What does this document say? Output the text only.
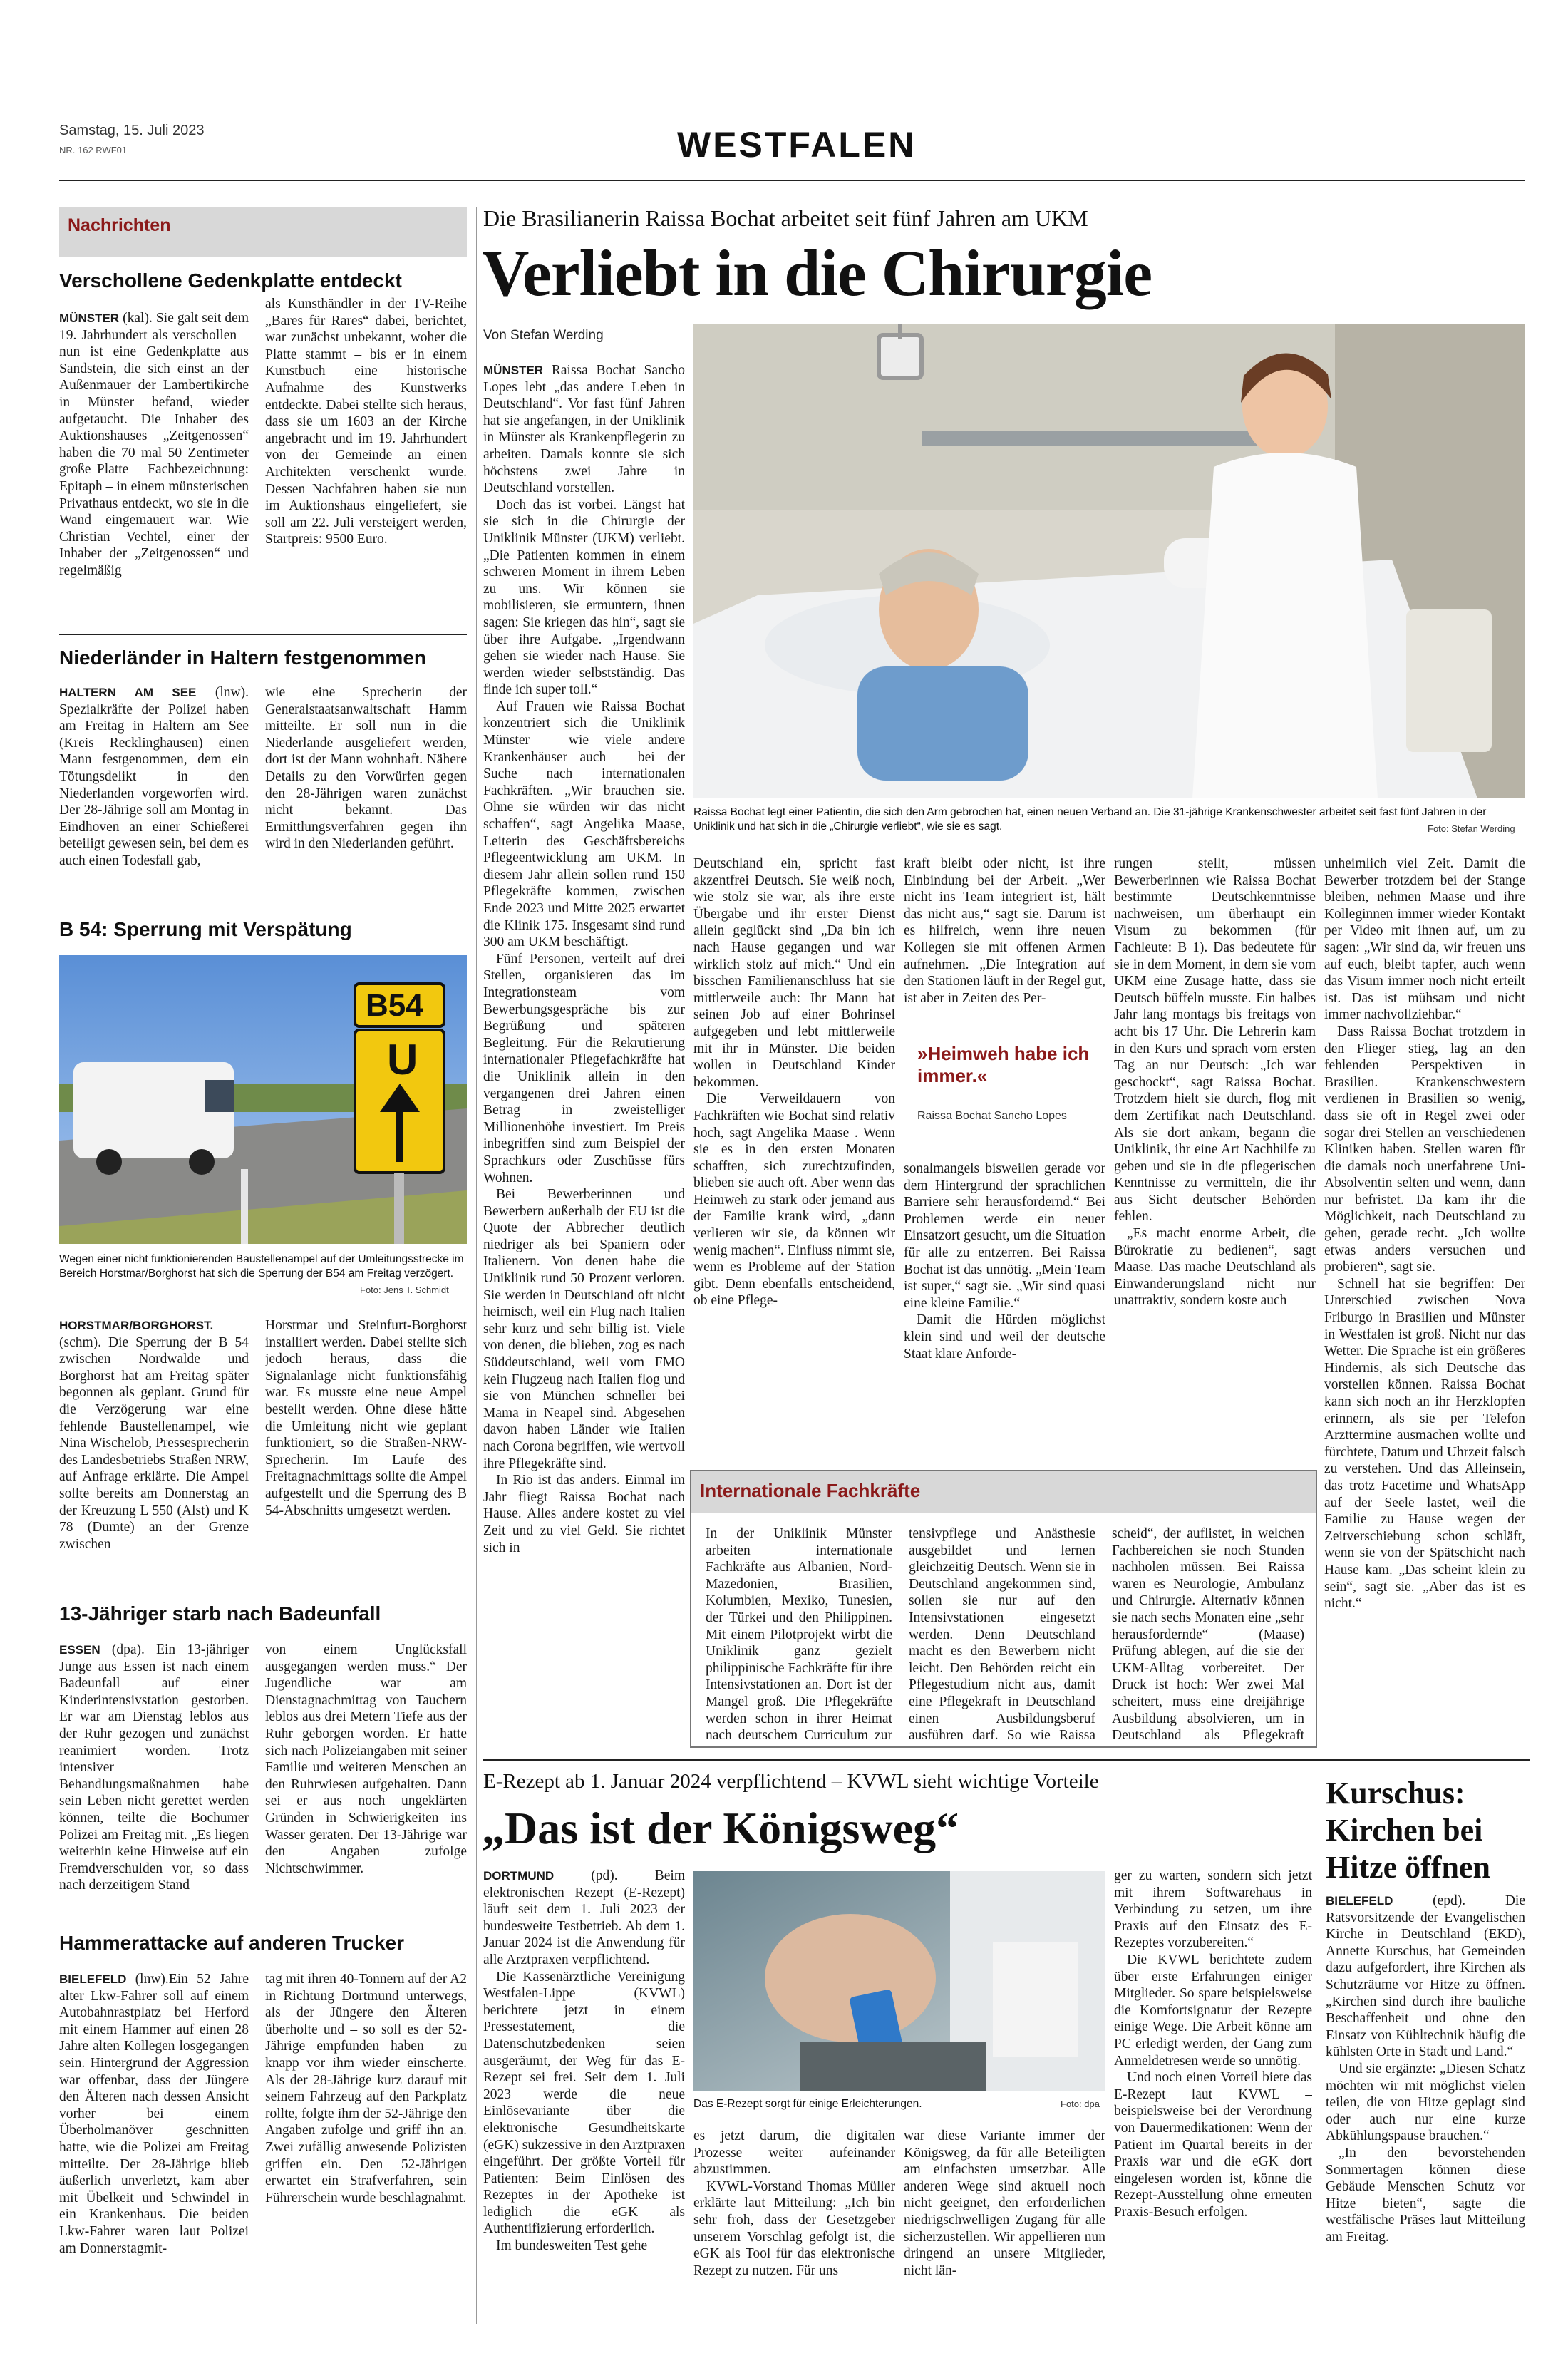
Samstag, 15. Juli 2023
NR. 162 RWF01	WESTFALEN
Nachrichten
Verschollene Gedenkplatte entdeckt

MÜNSTER (kal). Sie galt seit dem 19. Jahrhundert als verschollen – nun ist eine Gedenkplatte aus Sandstein, die sich einst an der Außenmauer der Lambertikirche in Münster befand, wieder aufgetaucht. Die Inhaber des Auktionshauses „Zeitgenossen“ haben die 70 mal 50 Zentimeter große Platte – Fachbezeichnung: Epitaph – in einem münsterischen Privathaus entdeckt, wo sie in die Wand eingemauert war. Wie Christian Vechtel, einer der Inhaber der „Zeitgenossen“ und regelmäßig

als Kunsthändler in der TV-Reihe „Bares für Rares“ dabei, berichtet, war zunächst unbekannt, woher die Platte stammt – bis er in einem Kunstbuch eine historische Aufnahme des Kunstwerks entdeckte. Dabei stellte sich heraus, dass sie um 1603 an der Kirche angebracht und im 19. Jahrhundert von der Gemeinde an einen Architekten verschenkt wurde. Dessen Nachfahren haben sie nun im Auktionshaus eingeliefert, sie soll am 22. Juli versteigert werden, Startpreis: 9500 Euro.
Niederländer in Haltern festgenommen

HALTERN AM SEE (lnw). Spezialkräfte der Polizei haben am Freitag in Haltern am See (Kreis Recklinghausen) einen Mann festgenommen, dem ein Tötungsdelikt in den Niederlanden vorgeworfen wird. Der 28-Jährige soll am Montag in Eindhoven an einer Schießerei beteiligt gewesen sein, bei dem es auch einen Todesfall gab,

wie eine Sprecherin der Generalstaatsanwaltschaft Hamm mitteilte. Er soll nun in die Niederlande ausgeliefert werden, dort ist der Mann wohnhaft. Nähere Details zu den Vorwürfen gegen den 28-Jährigen waren zunächst nicht bekannt. Das Ermittlungsverfahren gegen ihn wird in den Niederlanden geführt.
B 54: Sperrung mit Verspätung
B54
U
Wegen einer nicht funktionierenden Baustellenampel auf der Umleitungsstrecke im Bereich Horstmar/Borghorst hat sich die Sperrung der B54 am Freitag verzögert.
Foto: Jens T. Schmidt

HORSTMAR/BORGHORST. (schm). Die Sperrung der B 54 zwischen Nordwalde und Borghorst hat am Freitag später begonnen als geplant. Grund für die Verzögerung war eine fehlende Baustellenampel, wie Nina Wischelob, Pressesprecherin des Landesbetriebs Straßen NRW, auf Anfrage erklärte. Die Ampel sollte bereits am Donnerstag an der Kreuzung L 550 (Alst) und K 78 (Dumte) an der Grenze zwischen

Horstmar und Steinfurt-Borghorst installiert werden. Dabei stellte sich jedoch heraus, dass die Signalanlage nicht funktionsfähig war. Es musste eine neue Ampel bestellt werden. Ohne diese hätte die Umleitung nicht wie geplant funktioniert, so die Straßen-NRW-Sprecherin. Im Laufe des Freitagnachmittags sollte die Ampel aufgestellt und die Sperrung des B 54-Abschnitts umgesetzt werden.
13-Jähriger starb nach Badeunfall

ESSEN (dpa). Ein 13-jähriger Junge aus Essen ist nach einem Badeunfall auf einer Kinderintensivstation gestorben. Er war am Dienstag leblos aus der Ruhr gezogen und zunächst reanimiert worden. Trotz intensiver Behandlungsmaßnahmen habe sein Leben nicht gerettet werden können, teilte die Bochumer Polizei am Freitag mit. „Es liegen weiterhin keine Hinweise auf ein Fremdverschulden vor, so dass nach derzeitigem Stand

von einem Unglücksfall ausgegangen werden muss.“ Der Jugendliche war am Dienstagnachmittag von Tauchern leblos aus drei Metern Tiefe aus der Ruhr geborgen worden. Er hatte sich nach Polizeiangaben mit seiner Familie und weiteren Menschen an den Ruhrwiesen aufgehalten. Dann sei er aus noch ungeklärten Gründen in Schwierigkeiten ins Wasser geraten. Der 13-Jährige war den Angaben zufolge Nichtschwimmer.
Hammerattacke auf anderen Trucker

BIELEFELD (lnw).Ein 52 Jahre alter Lkw-Fahrer soll auf einem Autobahnrastplatz bei Herford mit einem Hammer auf einen 28 Jahre alten Kollegen losgegangen sein. Hintergrund der Aggression war offenbar, dass der Jüngere den Älteren nach dessen Ansicht vorher bei einem Überholmanöver geschnitten hatte, wie die Polizei am Freitag mitteilte. Der 28-Jährige blieb äußerlich unverletzt, kam aber mit Übelkeit und Schwindel in ein Krankenhaus. Die beiden Lkw-Fahrer waren laut Polizei am Donnerstagmit-

tag mit ihren 40-Tonnern auf der A2 in Richtung Dortmund unterwegs, als der Jüngere den Älteren überholte und – so soll es der 52-Jährige empfunden haben – zu knapp vor ihm wieder einscherte. Als der 28-Jährige kurz darauf mit seinem Fahrzeug auf den Parkplatz rollte, folgte ihm der 52-Jährige den Angaben zufolge und griff ihn an. Zwei zufällig anwesende Polizisten griffen ein. Den 52-Jährigen erwartet ein Strafverfahren, sein Führerschein wurde beschlagnahmt.
Die Brasilianerin Raissa Bochat arbeitet seit fünf Jahren am UKM
Verliebt in die Chirurgie
Von Stefan Werding

MÜNSTER Raissa Bochat Sancho Lopes lebt „das andere Leben in Deutschland“. Vor fast fünf Jahren hat sie angefangen, in der Uniklinik in Münster als Krankenpflegerin zu arbeiten. Damals konnte sie sich höchstens zwei Jahre in Deutschland vorstellen.

Doch das ist vorbei. Längst hat sie sich in die Chirurgie der Uniklinik Münster (UKM) verliebt. „Die Patienten kommen in einem schweren Moment in ihrem Leben zu uns. Wir können sie mobilisieren, sie ermuntern, ihnen sagen: Sie kriegen das hin“, sagt sie über ihre Aufgabe. „Irgendwann gehen sie wieder nach Hause. Sie werden wieder selbstständig. Das finde ich super toll.“

Auf Frauen wie Raissa Bochat konzentriert sich die Uniklinik Münster – wie viele andere Krankenhäuser auch – bei der Suche nach internationalen Fachkräften. „Wir brauchen sie. Ohne sie würden wir das nicht schaffen“, sagt Angelika Maase, Leiterin des Geschäftsbereichs Pflegeentwicklung am UKM. In diesem Jahr allein sollen rund 150 Pflegekräfte kommen, zwischen Ende 2023 und Mitte 2025 erwartet die Klinik 175. Insgesamt sind rund 300 am UKM beschäftigt.

Fünf Personen, verteilt auf drei Stellen, organisieren das im Integrationsteam vom Bewerbungsgespräche bis zur Begrüßung und späteren Begleitung. Für die Rekrutierung internationaler Pflegefachkräfte hat die Uniklinik allein in den vergangenen drei Jahren einen Betrag in zweistelliger Millionenhöhe investiert. Im Preis inbegriffen sind zum Beispiel der Sprachkurs oder Zuschüsse fürs Wohnen.

Bei Bewerberinnen und Bewerbern außerhalb der EU ist die Quote der Abbrecher deutlich niedriger als bei Spaniern oder Italienern. Von denen habe die Uniklinik rund 50 Prozent verloren. Sie werden in Deutschland oft nicht heimisch, weil ein Flug nach Italien sehr kurz und sehr billig ist. Viele von denen, die blieben, zog es nach Süddeutschland, weil vom FMO kein Flugzeug nach Italien flog und sie von München schneller bei Mama in Neapel sind. Abgesehen davon haben Länder wie Italien nach Corona begriffen, wie wertvoll ihre Pflegekräfte sind.

In Rio ist das anders. Einmal im Jahr fliegt Raissa Bochat nach Hause. Alles andere kostet zu viel Zeit und zu viel Geld. Sie richtet sich in

Raissa Bochat legt einer Patientin, die sich den Arm gebrochen hat, einen neuen Verband an. Die 31-jährige Krankenschwester arbeitet seit fast fünf Jahren in der Uniklinik und hat sich in die „Chirurgie verliebt“, wie sie es sagt.	Foto: Stefan Werding

Deutschland ein, spricht fast akzentfrei Deutsch. Sie weiß noch, wie stolz sie war, als ihre erste Übergabe und ihr erster Dienst allein geglückt sind „Da bin ich nach Hause gegangen und war wirklich stolz auf mich.“ Und ein bisschen Familienanschluss hat sie mittlerweile auch: Ihr Mann hat seinen Job auf einer Bohrinsel aufgegeben und lebt mittlerweile mit ihr in Münster. Die beiden wollen in Deutschland Kinder bekommen.

Die Verweildauern von Fachkräften wie Bochat sind relativ hoch, sagt Angelika Maase . Wenn sie es in den ersten Monaten schafften, sich zurechtzufinden, blieben sie auch oft. Aber wenn das Heimweh zu stark oder jemand aus der Familie krank wird, „dann verlieren wir sie, da können wir wenig machen“. Einfluss nimmt sie, wenn es Probleme auf der Station gibt. Denn ebenfalls entscheidend, ob eine Pflege-

kraft bleibt oder nicht, ist ihre Einbindung bei der Arbeit. „Wer nicht ins Team integriert ist, hält das nicht aus,“ sagt sie. Darum ist es hilfreich, wenn ihre neuen Kollegen sie mit offenen Armen aufnehmen. „Die Integration auf den Stationen läuft in der Regel gut, ist aber in Zeiten des Per-

»Heimweh habe ich immer.«
Raissa Bochat Sancho Lopes

sonalmangels bisweilen gerade vor dem Hintergrund der sprachlichen Barriere sehr herausfordernd.“ Bei Problemen werde ein neuer Einsatzort gesucht, um die Situation für alle zu entzerren. Bei Raissa Bochat ist das unnötig. „Mein Team ist super,“ sagt sie. „Wir sind quasi eine kleine Familie.“

Damit die Hürden möglichst klein sind und weil der deutsche Staat klare Anforde-

rungen stellt, müssen Bewerberinnen wie Raissa Bochat bestimmte Deutschkenntnisse nachweisen, um überhaupt ein Visum zu bekommen (für Fachleute: B 1). Das bedeutete für sie in dem Moment, in dem sie vom UKM eine Zusage hatte, dass sie Deutsch büffeln musste. Ein halbes Jahr lang montags bis freitags von acht bis 17 Uhr. Die Lehrerin kam in den Kurs und sprach vom ersten Tag an nur Deutsch: „Ich war geschockt“, sagt Raissa Bochat. Trotzdem hielt sie durch, flog mit dem Zertifikat nach Deutschland. Als sie dort ankam, begann die Uniklinik, ihr eine Art Nachhilfe zu geben und sie in die pflegerischen Kenntnisse zu vermitteln, die ihr aus Sicht deutscher Behörden fehlen.

„Es macht enorme Arbeit, die Bürokratie zu bedienen“, sagt Maase. Das mache Deutschland als Einwanderungsland nicht nur unattraktiv, sondern koste auch

unheimlich viel Zeit. Damit die Bewerber trotzdem bei der Stange bleiben, nehmen Maase und ihre Kolleginnen immer wieder Kontakt per Video mit ihnen auf, um zu sagen: „Wir sind da, wir freuen uns auf euch, bleibt tapfer, auch wenn das Visum immer noch nicht erteilt ist. Das ist mühsam und nicht immer nachvollziehbar.“

Dass Raissa Bochat trotzdem in den Flieger stieg, lag an den fehlenden Perspektiven in Brasilien. Krankenschwestern verdienen in Brasilien so wenig, dass sie oft in Regel zwei oder sogar drei Stellen an verschiedenen Kliniken haben. Stellen waren für die damals noch unerfahrene Uni-Absolventin selten und wenn, dann nur befristet. Da kam ihr die Möglichkeit, nach Deutschland zu gehen, gerade recht. „Ich wollte etwas anders versuchen und probieren“, sagt sie.

Schnell hat sie begriffen: Der Unterschied zwischen Nova Friburgo in Brasilien und Münster in Westfalen ist groß. Nicht nur das Wetter. Die Sprache ist ein größeres Hindernis, als sich Deutsche das vorstellen können. Raissa Bochat kann sich noch an ihr Herzklopfen erinnern, als sie per Telefon Arzttermine ausmachen wollte und fürchtete, Datum und Uhrzeit falsch zu verstehen. Und das Alleinsein, das trotz Facetime und WhatsApp auf der Seele lastet, weil die Familie zu Hause wegen der Zeitverschiebung schon schläft, wenn sie von der Spätschicht nach Hause kam. „Das scheint klein zu sein“, sagt sie. „Aber das ist es nicht.“

Internationale Fachkräfte
In der Uniklinik Münster arbeiten internationale Fachkräfte aus Albanien, Nord-Mazedonien, Brasilien, Kolumbien, Mexiko, Tunesien, der Türkei und den Philippinen. Mit einem Pilotprojekt wirbt die Uniklinik ganz gezielt philippinische Fachkräfte für ihre Intensivstationen an. Dort ist der Mangel groß. Die Pflegekräfte werden schon in ihrer Heimat nach deutschem Curriculum zur
tensivpflege und Anästhesie ausgebildet und lernen gleichzeitig Deutsch. Wenn sie in Deutschland angekommen sind, sollen sie nur auf den Intensivstationen eingesetzt werden. Denn Deutschland macht es den Bewerbern nicht leicht. Den Behörden reicht ein Pflegestudium nicht aus, damit eine Pflegekraft in Deutschland einen Ausbildungsberuf ausführen darf. So wie Raissa
scheid“, der auflistet, in welchen Fachbereichen sie noch Stunden nachholen müssen. Bei Raissa waren es Neurologie, Ambulanz und Chirurgie. Alternativ können sie nach sechs Monaten eine „sehr herausfordernde“ (Maase) Prüfung ablegen, auf die sie der UKM-Alltag vorbereitet. Der Druck ist hoch: Wer zwei Mal scheitert, muss eine dreijährige Ausbildung absolvieren, um in Deutschland als Pflegekraft
E-Rezept ab 1. Januar 2024 verpflichtend – KVWL sieht wichtige Vorteile
„Das ist der Königsweg“

DORTMUND	(pd). Beim elektronischen Rezept (E-Rezept) läuft seit dem 1. Juli 2023 der bundesweite Testbetrieb. Ab dem 1. Januar 2024 ist die Anwendung für alle Arztpraxen verpflichtend.

Die Kassenärztliche Vereinigung Westfalen-Lippe (KVWL) berichtete jetzt in einem Pressestatement, die Datenschutzbedenken seien ausgeräumt, der Weg für das E-Rezept sei frei. Seit dem 1. Juli 2023 werde die neue Einlösevariante über die elektronische Gesundheitskarte (eGK) sukzessive in den Arztpraxen eingeführt. Der größte Vorteil für Patienten: Beim Einlösen des Rezeptes in der Apotheke ist lediglich die eGK als Authentifizierung erforderlich.

Im bundesweiten Test gehe

Das E-Rezept sorgt für einige Erleichterungen.	Foto: dpa

es jetzt darum, die digitalen Prozesse weiter aufeinander abzustimmen.

KVWL-Vorstand Thomas Müller erklärte laut Mitteilung: „Ich bin sehr froh, dass der Gesetzgeber unserem Vorschlag gefolgt ist, die eGK als Tool für das elektronische Rezept zu nutzen. Für uns

war diese Variante immer der Königsweg, da für alle Beteiligten am einfachsten umsetzbar. Alle anderen Wege sind aktuell noch nicht geeignet, den erforderlichen niedrigschwelligen Zugang für alle sicherzustellen. Wir appellieren nun dringend an unsere Mitglieder, nicht län-

ger zu warten, sondern sich jetzt mit ihrem Softwarehaus in Verbindung zu setzen, um ihre Praxis auf den Einsatz des E-Rezeptes vorzubereiten.“

Die KVWL berichtete zudem über erste Erfahrungen einiger Mitglieder. So spare beispielsweise die Komfortsignatur der Rezepte einige Wege. Die Arbeit könne am PC erledigt werden, der Gang zum Anmeldetresen werde so unnötig.

Und noch einen Vorteil biete das E-Rezept laut KVWL – beispielsweise bei der Verordnung von Dauermedikationen: Wenn der Patient im Quartal bereits in der Praxis war und die eGK dort eingelesen worden ist, könne die Rezept-Ausstellung ohne erneuten Praxis-Besuch erfolgen.

Kurschus: Kirchen bei Hitze öffnen

BIELEFELD	(epd). Die Ratsvorsitzende der Evangelischen Kirche in Deutschland (EKD), Annette Kurschus, hat Gemeinden dazu aufgefordert, ihre Kirchen als Schutzräume vor Hitze zu öffnen. „Kirchen sind durch ihre bauliche Beschaffenheit und ohne den Einsatz von Kühltechnik häufig die kühlsten Orte in Stadt und Land.“

Und sie ergänzte: „Diesen Schatz möchten wir mit möglichst vielen teilen, die von Hitze geplagt sind oder auch nur eine kurze Abkühlungspause brauchen.“

„In den bevorstehenden Sommertagen können diese Gebäude Menschen Schutz vor Hitze bieten“, sagte die westfälische Präses laut Mitteilung am Freitag.
